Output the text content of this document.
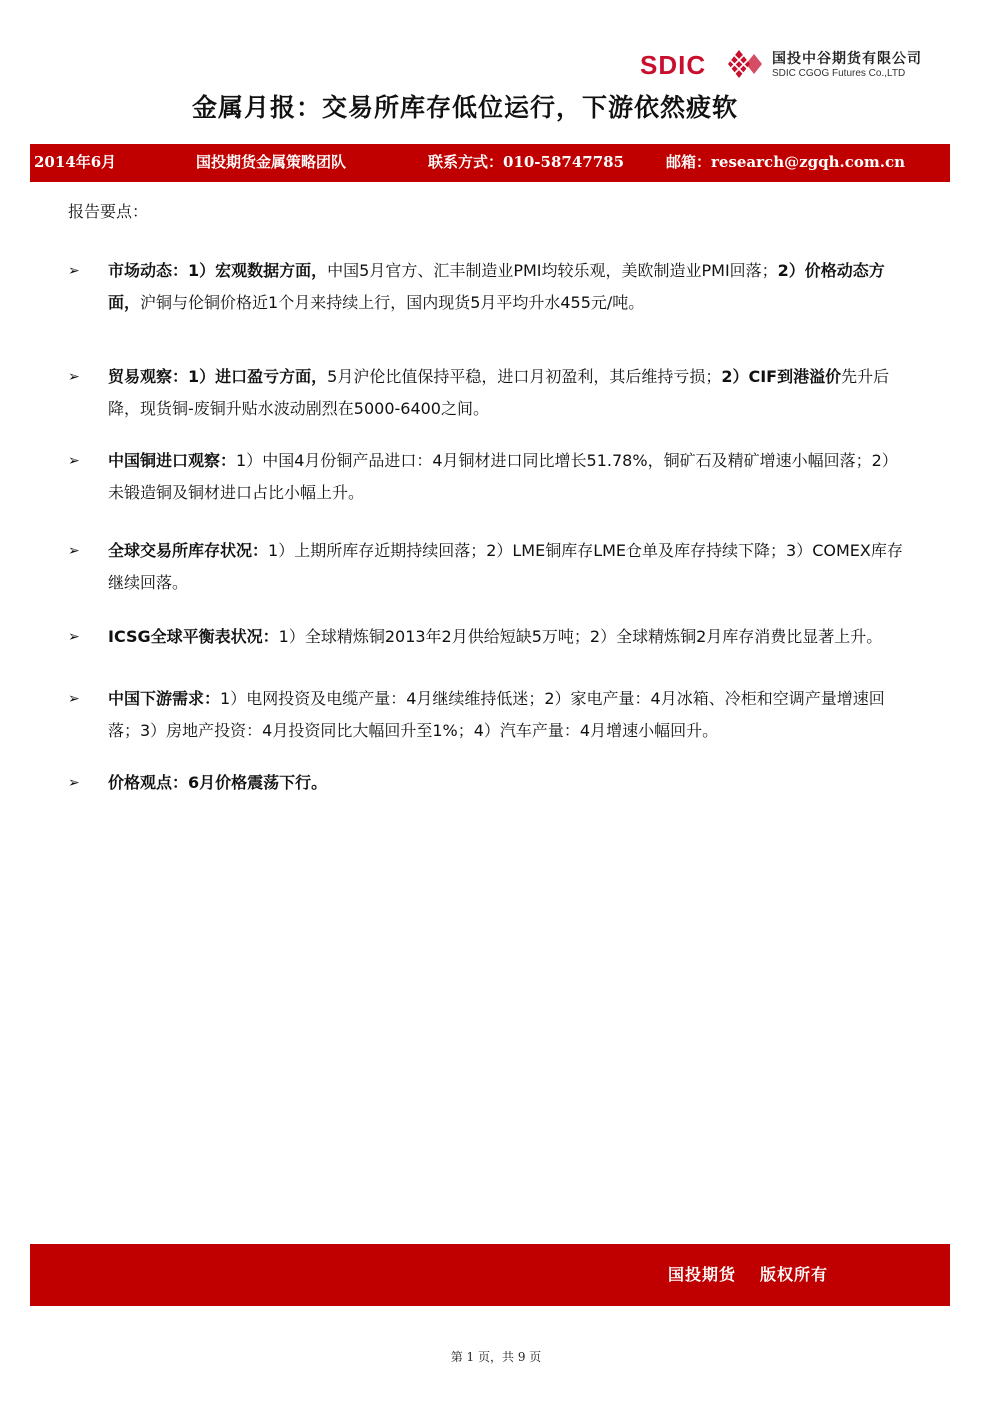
SDIC	国投中谷期货有限公司
SDIC CGOG Futures Co.,LTD
金属月报：交易所库存低位运行，下游依然疲软
2014年6月	国投期货金属策略团队	联系方式：010-58747785	邮箱：research@zgqh.com.cn
报告要点：
➢ 市场动态：1）宏观数据方面，中国5月官方、汇丰制造业PMI均较乐观，美欧制造业PMI回落；2）价格动态方面，沪铜与伦铜价格近1个月来持续上行，国内现货5月平均升水455元/吨。
➢ 贸易观察：1）进口盈亏方面，5月沪伦比值保持平稳，进口月初盈利，其后维持亏损；2）CIF到港溢价先升后降，现货铜-废铜升贴水波动剧烈在5000-6400之间。
➢ 中国铜进口观察：1）中国4月份铜产品进口：4月铜材进口同比增长51.78%，铜矿石及精矿增速小幅回落；2）未锻造铜及铜材进口占比小幅上升。
➢ 全球交易所库存状况：1）上期所库存近期持续回落；2）LME铜库存LME仓单及库存持续下降；3）COMEX库存继续回落。
➢ ICSG全球平衡表状况：1）全球精炼铜2013年2月供给短缺5万吨；2）全球精炼铜2月库存消费比显著上升。
➢ 中国下游需求：1）电网投资及电缆产量：4月继续维持低迷；2）家电产量：4月冰箱、冷柜和空调产量增速回落；3）房地产投资：4月投资同比大幅回升至1%；4）汽车产量：4月增速小幅回升。
➢ 价格观点：6月价格震荡下行。
国投期货 版权所有
第 1 页，共 9 页
